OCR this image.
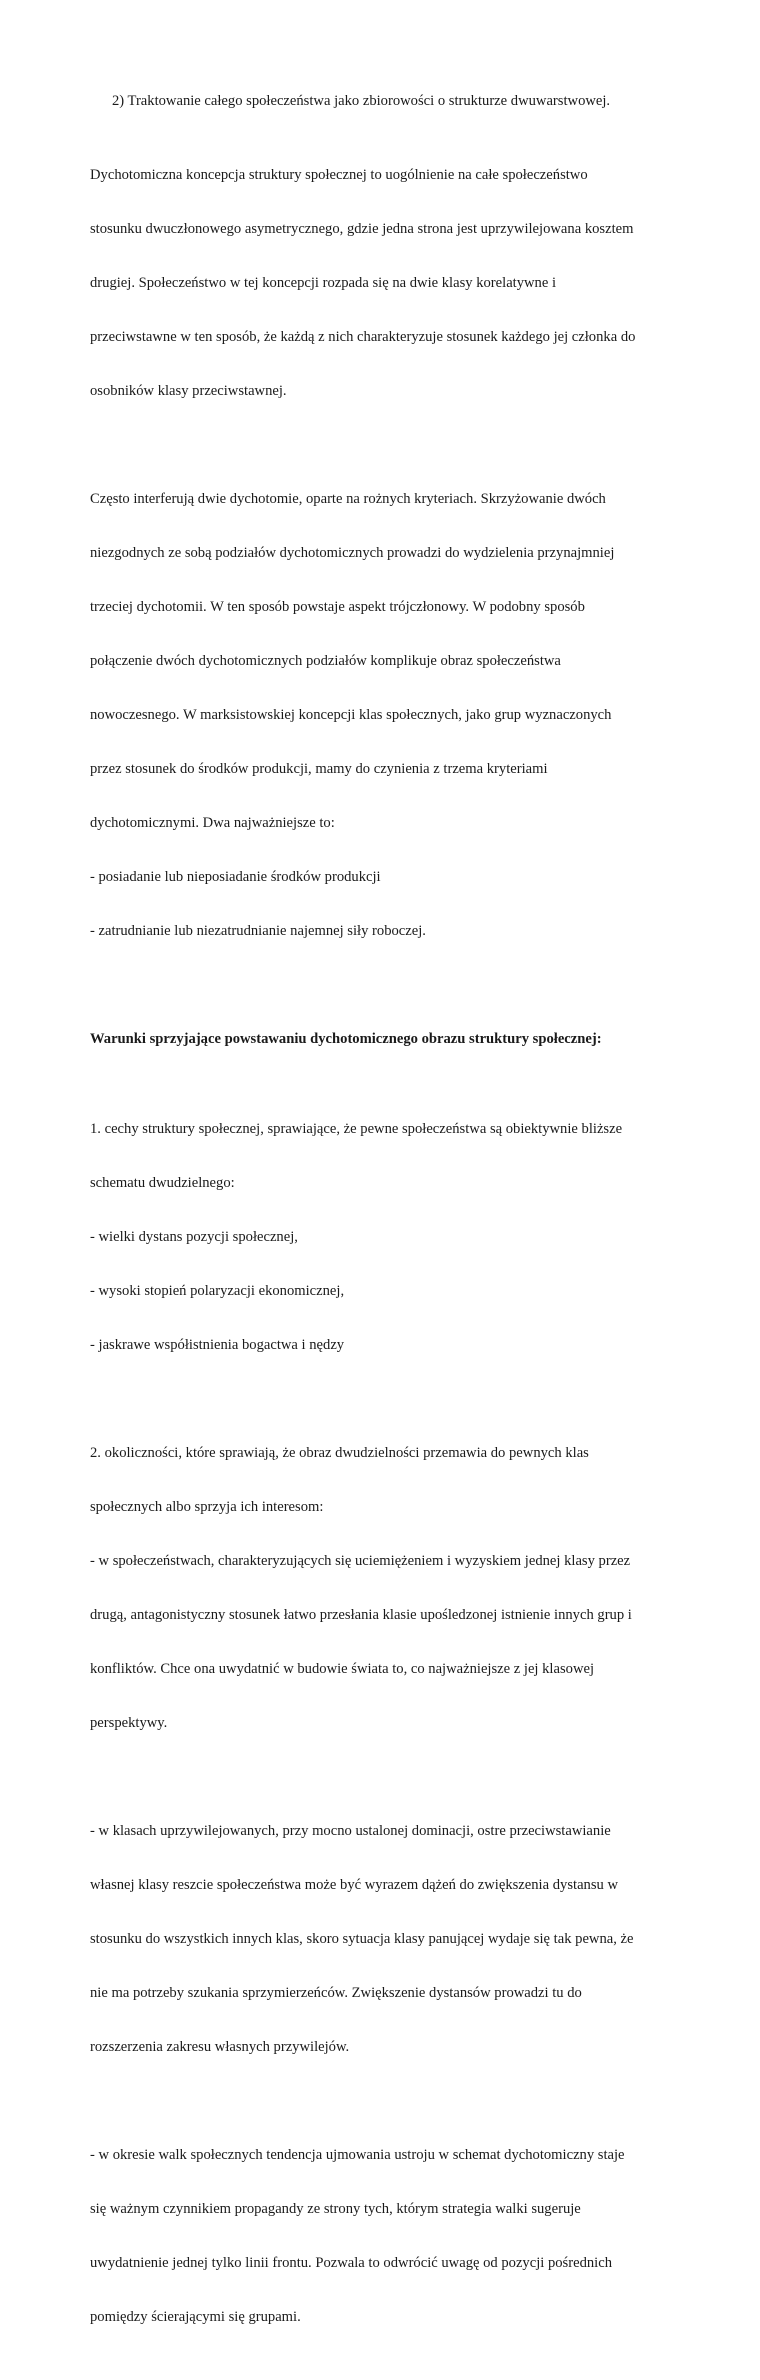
2) Traktowanie całego społeczeństwa jako zbiorowości o strukturze dwuwarstwowej.

Dychotomiczna koncepcja struktury społecznej to uogólnienie na całe społeczeństwo

stosunku dwuczłonowego asymetrycznego, gdzie jedna strona jest uprzywilejowana kosztem

drugiej. Społeczeństwo w tej koncepcji rozpada się na dwie klasy korelatywne i

przeciwstawne w ten sposób, że każdą z nich charakteryzuje stosunek każdego jej członka do

osobników klasy przeciwstawnej.

Często interferują dwie dychotomie, oparte na rożnych kryteriach. Skrzyżowanie dwóch

niezgodnych ze sobą podziałów dychotomicznych prowadzi do wydzielenia przynajmniej

trzeciej dychotomii. W ten sposób powstaje aspekt trójczłonowy. W podobny sposób

połączenie dwóch dychotomicznych podziałów komplikuje obraz społeczeństwa

nowoczesnego. W marksistowskiej koncepcji klas społecznych, jako grup wyznaczonych

przez stosunek do środków produkcji, mamy do czynienia z trzema kryteriami

dychotomicznymi. Dwa najważniejsze to:

- posiadanie lub nieposiadanie środków produkcji

- zatrudnianie lub niezatrudnianie najemnej siły roboczej.

Warunki sprzyjające powstawaniu dychotomicznego obrazu struktury społecznej:

1. cechy struktury społecznej, sprawiające, że pewne społeczeństwa są obiektywnie bliższe

schematu dwudzielnego:

- wielki dystans pozycji społecznej,

- wysoki stopień polaryzacji ekonomicznej,

- jaskrawe współistnienia bogactwa i nędzy

2. okoliczności, które sprawiają, że obraz dwudzielności przemawia do pewnych klas

społecznych albo sprzyja ich interesom:

- w społeczeństwach, charakteryzujących się uciemiężeniem i wyzyskiem jednej klasy przez

drugą, antagonistyczny stosunek łatwo przesłania klasie upośledzonej istnienie innych grup i

konfliktów. Chce ona uwydatnić w budowie świata to, co najważniejsze z jej klasowej

perspektywy.

- w klasach uprzywilejowanych, przy mocno ustalonej dominacji, ostre przeciwstawianie

własnej klasy reszcie społeczeństwa może być wyrazem dążeń do zwiększenia dystansu w

stosunku do wszystkich innych klas, skoro sytuacja klasy panującej wydaje się tak pewna, że

nie ma potrzeby szukania sprzymierzeńców. Zwiększenie dystansów prowadzi tu do

rozszerzenia zakresu własnych przywilejów.

- w okresie walk społecznych tendencja ujmowania ustroju w schemat dychotomiczny staje

się ważnym czynnikiem propagandy ze strony tych, którym strategia walki sugeruje

uwydatnienie jednej tylko linii frontu. Pozwala to odwrócić uwagę od pozycji pośrednich

pomiędzy ścierającymi się grupami.
